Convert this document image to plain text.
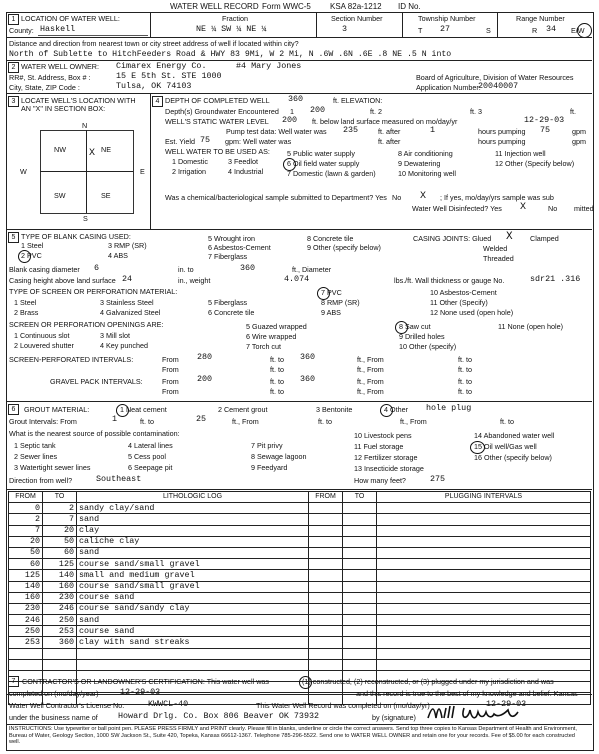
WATER WELL RECORD Form WWC-5 KSA 82a-1212 ID No.
1 LOCATION OF WATER WELL:	Fraction	Section Number	Township Number	Range Number
County: Haskell	NE ¼ SW ¼ NE ¼	3	T 27	S	R 34 E/W
Distance and direction from nearest town or city street address of well if located within city?
North of Sublette to HitchFeeders Road & HWY 83 9Mi, W 2 Mi, N .6W .6N .6E .8 NE .5 N into
2 WATER WELL OWNER: Cimarex Energy Co.	#4 Mary Jones
RR#, St. Address, Box # :	15 E 5th St. STE 1000
City, State, ZIP Code :	Tulsa, OK 74103
Board of Agriculture, Division of Water Resources
Application Number:
20040007
3 LOCATE WELL'S LOCATION WITH AN "X" IN SECTION BOX:
N
S
W	E
NW	NE
SW	SE
X
4 DEPTH OF COMPLETED WELL 360	ft. ELEVATION:
Depth(s) Groundwater Encountered 1 200	ft. 2	ft. 3	ft.
WELL'S STATIC WATER LEVEL 200 ft. below land surface measured on mo/day/yr	12-29-03
Pump test data: Well water was 235	ft. after	1	hours pumping 75	gpm
Est. Yield 75 gpm: Well water was	ft. after	hours pumping	gpm
WELL WATER TO BE USED AS:
1 Domestic	3 Feedlot
2 Irrigation	4 Industrial
5 Public water supply
6 Oil field water supply
7 Domestic (lawn & garden)
8 Air conditioning
9 Dewatering
10 Monitoring well
11 Injection well
12 Other (Specify below)
Was a chemical/bacteriological sample submitted to Department? Yes	X
No	; If yes, mo/day/yrs sample was sub
mitted
Water Well Disinfected? Yes X	No
5 TYPE OF BLANK CASING USED:
1 Steel
2 PVC
3 RMP (SR)
4 ABS
5 Wrought iron
6 Asbestos-Cement
7 Fiberglass
8 Concrete tile
9 Other (specify below)
CASING JOINTS: Glued X Clamped
Welded
Threaded
Blank casing diameter 6	in. to	360	ft., Diameter
Casing height above land surface 24	in., weight	4.074	lbs./ft. Wall thickness or gauge No.	sdr21 .316
TYPE OF SCREEN OR PERFORATION MATERIAL:
1 Steel
2 Brass
3 Stainless Steel
4 Galvanized Steel
5 Fiberglass
6 Concrete tile
7 PVC
8 RMP (SR)
9 ABS
10 Asbestos-Cement
11 Other (Specify)
12 None used (open hole)
SCREEN OR PERFORATION OPENINGS ARE:
1 Continuous slot
2 Louvered shutter
3 Mill slot
4 Key punched
5 Guazed wrapped
6 Wire wrapped
7 Torch cut
8 Saw cut
9 Drilled holes
10 Other (specify)
11 None (open hole)
SCREEN-PERFORATED INTERVALS:	From 280	ft. to 360	ft., From	ft. to
From	ft. to	ft., From	ft. to
GRAVEL PACK INTERVALS:	From 200	ft. to 360	ft., From	ft. to
From	ft. to	ft., From	ft. to
6	GROUT MATERIAL:	1 Neat cement	2 Cement grout	3 Bentonite	4 Other hole plug
Grout Intervals: From	1	ft. to	25	ft., From	ft. to	ft., From	ft. to
What is the nearest source of possible contamination:
1 Septic tank
2 Sewer lines
3 Watertight sewer lines
4 Lateral lines
5 Cess pool
6 Seepage pit
7 Pit privy
8 Sewage lagoon
9 Feedyard
10 Livestock pens
11 Fuel storage
12 Fertilizer storage
13 Insecticide storage
14 Abandoned water well
15 Oil well/Gas well
16 Other (specify below)
Direction from well?	Southeast	How many feet?	275
FROM	TO	LITHOLOGIC LOG	FROM	TO	PLUGGING INTERVALS
0	2	sandy clay/sand			
2	7	sand			
7	20	clay			
20	50	caliche clay			
50	60	sand			
60	125	course sand/small gravel			
125	140	small and medium gravel			
140	160	course sand/small gravel			
160	230	course sand			
230	246	course sand/sandy clay			
246	250	sand			
250	253	course sand			
253	360	clay with sand streaks			

7 CONTRACTOR'S OR LANDOWNER'S CERTIFICATION: This water well was	(1) constructed, (2) reconstructed, or (3) plugged under my jurisdiction and was
completed on (mo/day/year)	12-29-03	and this record is true to the best of my knowledge and belief. Kansas
Water Well Contractor's License No.	KWWCL-40	This Water Well Record was completed on (mo/day/yr)	12-29-03
under the business name of Howard Drlg. Co. Box 806 Beaver OK 73932	by (signature)
INSTRUCTIONS: Use typewriter or ball point pen. PLEASE PRESS FIRMLY and PRINT clearly. Please fill in blanks, underline or circle the correct answers. Send top three copies to Kansas Department of Health and Environment, Bureau of Water, Geology Section, 1000 SW Jackson St., Suite 420, Topeka, Kansas 66612-1367. Telephone 785-296-5522. Send one to WATER WELL OWNER and retain one for your records. Fee of $5.00 for each constructed well.
